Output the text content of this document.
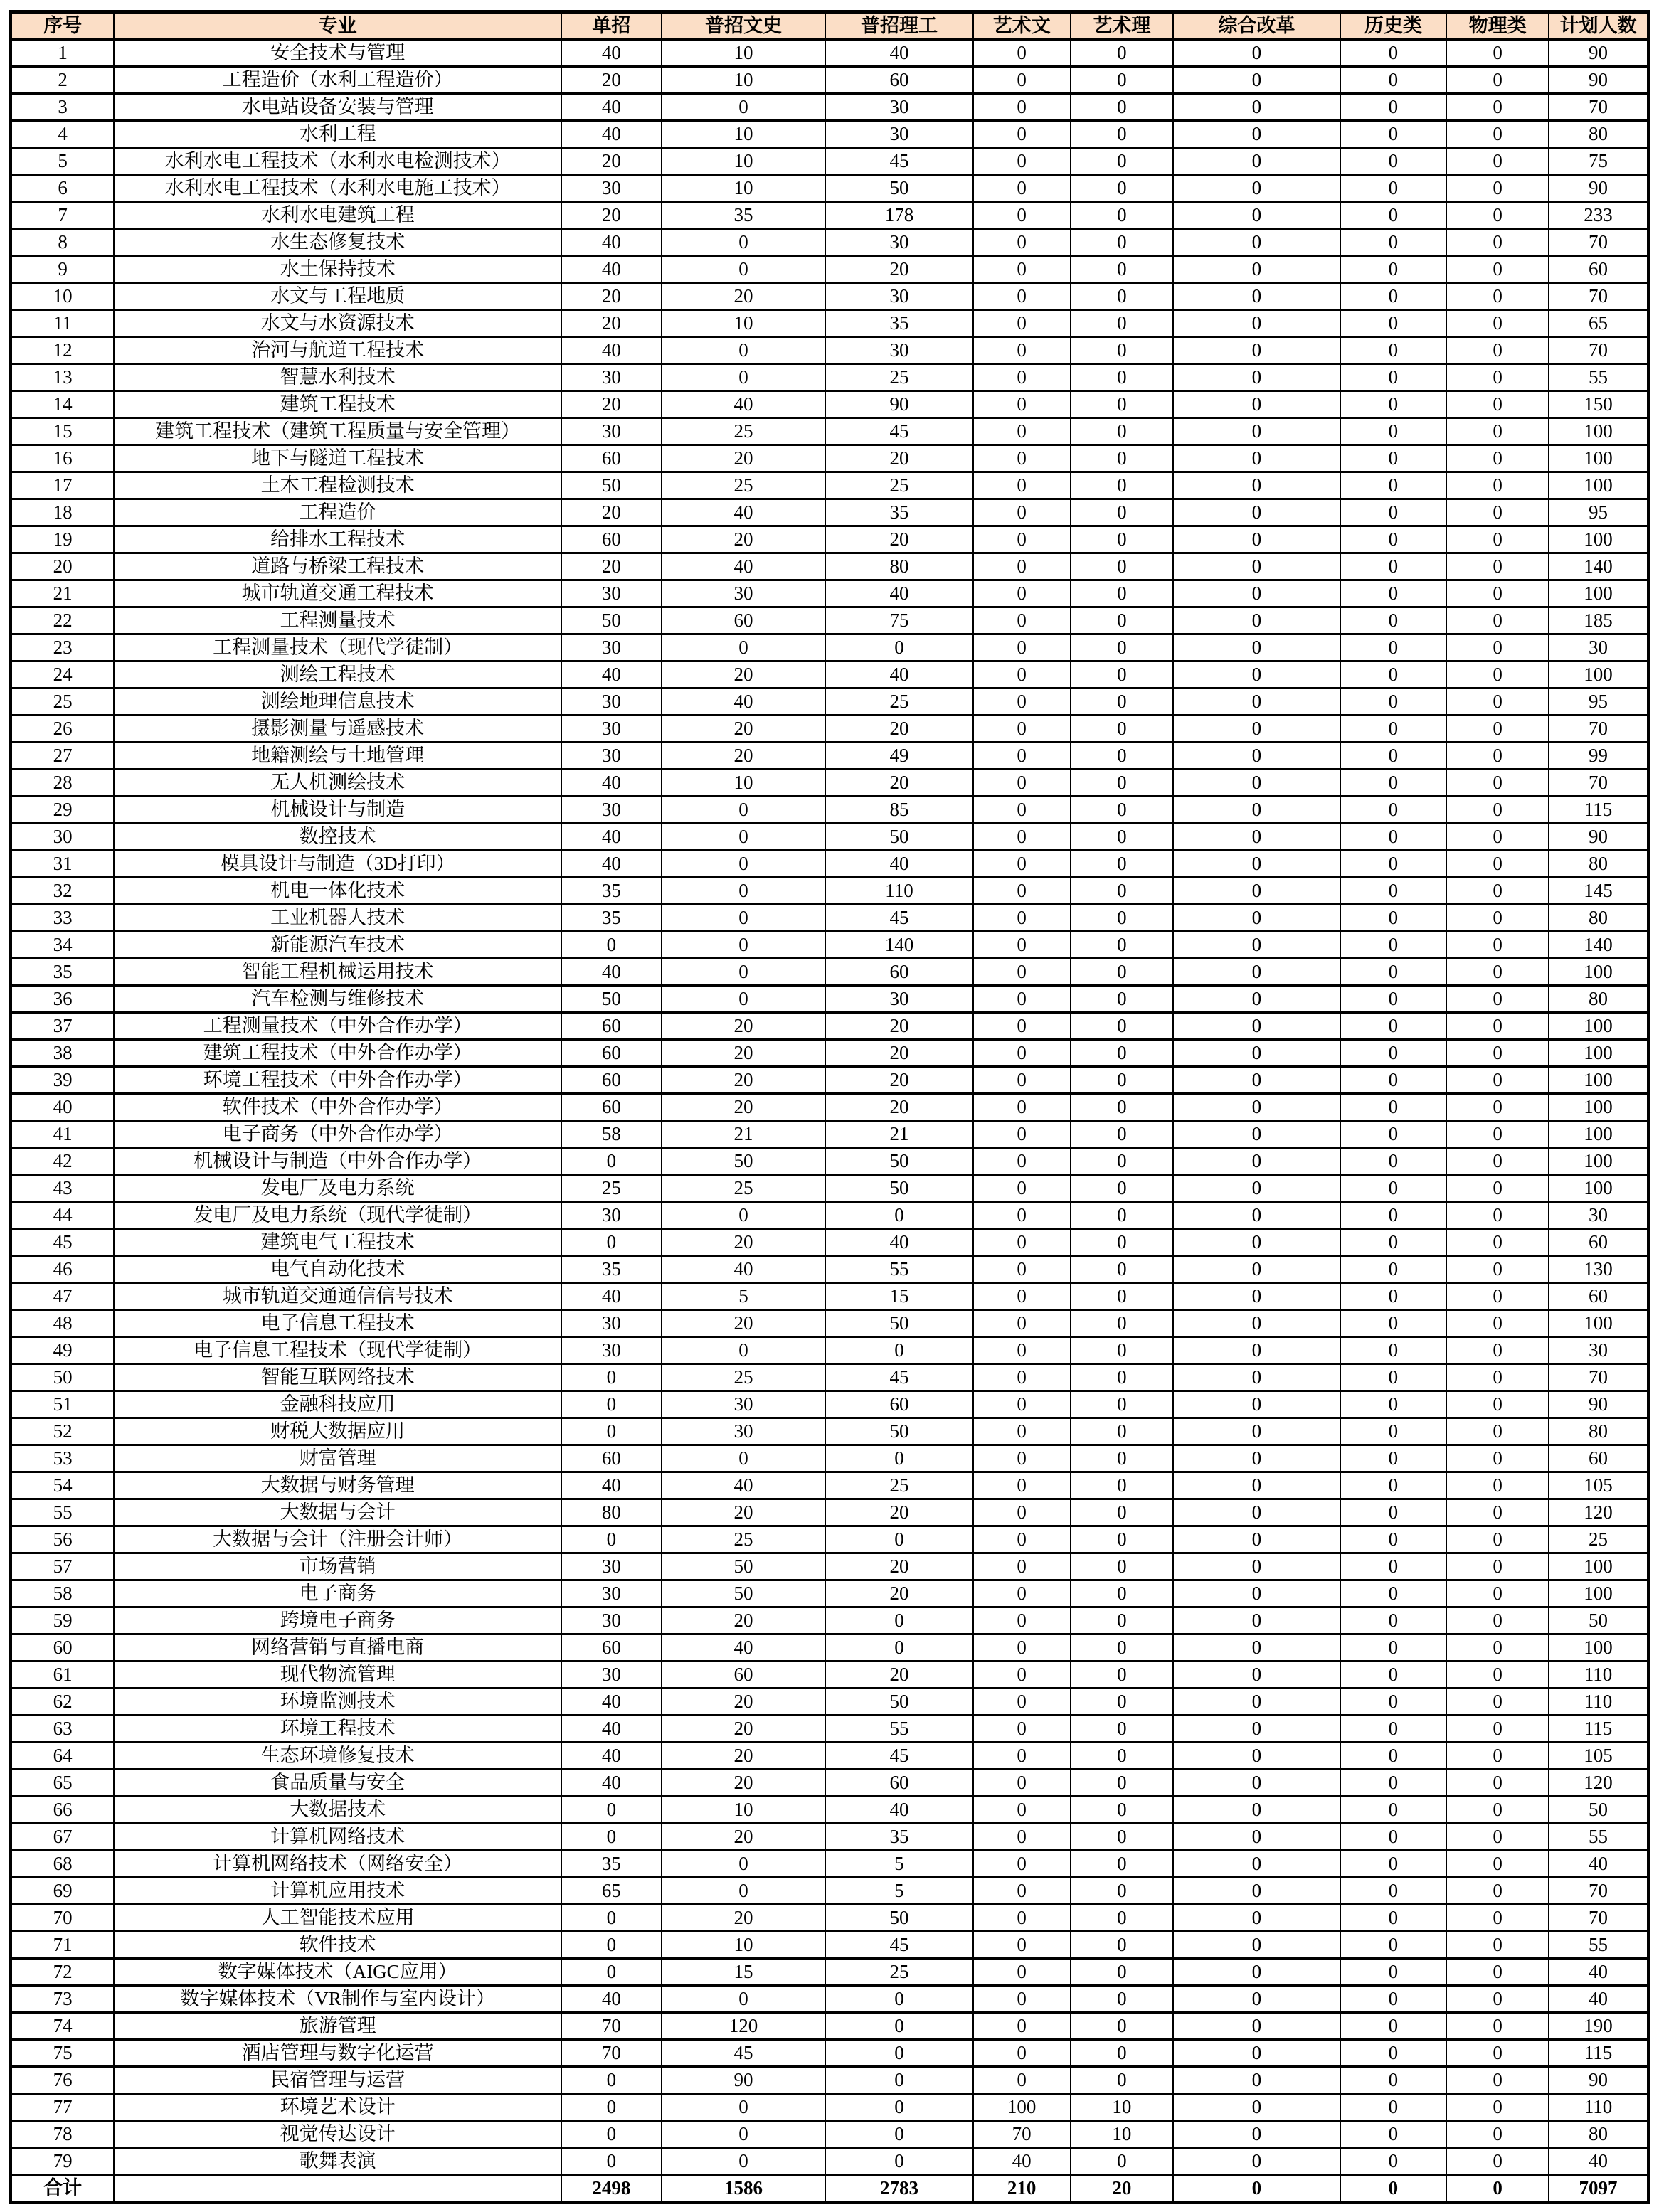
序号	专业	单招	普招文史	普招理工	艺术文	艺术理	综合改革	历史类	物理类	计划人数
1	安全技术与管理	40	10	40	0	0	0	0	0	90
2	工程造价（水利工程造价）	20	10	60	0	0	0	0	0	90
3	水电站设备安装与管理	40	0	30	0	0	0	0	0	70
4	水利工程	40	10	30	0	0	0	0	0	80
5	水利水电工程技术（水利水电检测技术）	20	10	45	0	0	0	0	0	75
6	水利水电工程技术（水利水电施工技术）	30	10	50	0	0	0	0	0	90
7	水利水电建筑工程	20	35	178	0	0	0	0	0	233
8	水生态修复技术	40	0	30	0	0	0	0	0	70
9	水土保持技术	40	0	20	0	0	0	0	0	60
10	水文与工程地质	20	20	30	0	0	0	0	0	70
11	水文与水资源技术	20	10	35	0	0	0	0	0	65
12	治河与航道工程技术	40	0	30	0	0	0	0	0	70
13	智慧水利技术	30	0	25	0	0	0	0	0	55
14	建筑工程技术	20	40	90	0	0	0	0	0	150
15	建筑工程技术（建筑工程质量与安全管理）	30	25	45	0	0	0	0	0	100
16	地下与隧道工程技术	60	20	20	0	0	0	0	0	100
17	土木工程检测技术	50	25	25	0	0	0	0	0	100
18	工程造价	20	40	35	0	0	0	0	0	95
19	给排水工程技术	60	20	20	0	0	0	0	0	100
20	道路与桥梁工程技术	20	40	80	0	0	0	0	0	140
21	城市轨道交通工程技术	30	30	40	0	0	0	0	0	100
22	工程测量技术	50	60	75	0	0	0	0	0	185
23	工程测量技术（现代学徒制）	30	0	0	0	0	0	0	0	30
24	测绘工程技术	40	20	40	0	0	0	0	0	100
25	测绘地理信息技术	30	40	25	0	0	0	0	0	95
26	摄影测量与遥感技术	30	20	20	0	0	0	0	0	70
27	地籍测绘与土地管理	30	20	49	0	0	0	0	0	99
28	无人机测绘技术	40	10	20	0	0	0	0	0	70
29	机械设计与制造	30	0	85	0	0	0	0	0	115
30	数控技术	40	0	50	0	0	0	0	0	90
31	模具设计与制造（3D打印）	40	0	40	0	0	0	0	0	80
32	机电一体化技术	35	0	110	0	0	0	0	0	145
33	工业机器人技术	35	0	45	0	0	0	0	0	80
34	新能源汽车技术	0	0	140	0	0	0	0	0	140
35	智能工程机械运用技术	40	0	60	0	0	0	0	0	100
36	汽车检测与维修技术	50	0	30	0	0	0	0	0	80
37	工程测量技术（中外合作办学）	60	20	20	0	0	0	0	0	100
38	建筑工程技术（中外合作办学）	60	20	20	0	0	0	0	0	100
39	环境工程技术（中外合作办学）	60	20	20	0	0	0	0	0	100
40	软件技术（中外合作办学）	60	20	20	0	0	0	0	0	100
41	电子商务（中外合作办学）	58	21	21	0	0	0	0	0	100
42	机械设计与制造（中外合作办学）	0	50	50	0	0	0	0	0	100
43	发电厂及电力系统	25	25	50	0	0	0	0	0	100
44	发电厂及电力系统（现代学徒制）	30	0	0	0	0	0	0	0	30
45	建筑电气工程技术	0	20	40	0	0	0	0	0	60
46	电气自动化技术	35	40	55	0	0	0	0	0	130
47	城市轨道交通通信信号技术	40	5	15	0	0	0	0	0	60
48	电子信息工程技术	30	20	50	0	0	0	0	0	100
49	电子信息工程技术（现代学徒制）	30	0	0	0	0	0	0	0	30
50	智能互联网络技术	0	25	45	0	0	0	0	0	70
51	金融科技应用	0	30	60	0	0	0	0	0	90
52	财税大数据应用	0	30	50	0	0	0	0	0	80
53	财富管理	60	0	0	0	0	0	0	0	60
54	大数据与财务管理	40	40	25	0	0	0	0	0	105
55	大数据与会计	80	20	20	0	0	0	0	0	120
56	大数据与会计（注册会计师）	0	25	0	0	0	0	0	0	25
57	市场营销	30	50	20	0	0	0	0	0	100
58	电子商务	30	50	20	0	0	0	0	0	100
59	跨境电子商务	30	20	0	0	0	0	0	0	50
60	网络营销与直播电商	60	40	0	0	0	0	0	0	100
61	现代物流管理	30	60	20	0	0	0	0	0	110
62	环境监测技术	40	20	50	0	0	0	0	0	110
63	环境工程技术	40	20	55	0	0	0	0	0	115
64	生态环境修复技术	40	20	45	0	0	0	0	0	105
65	食品质量与安全	40	20	60	0	0	0	0	0	120
66	大数据技术	0	10	40	0	0	0	0	0	50
67	计算机网络技术	0	20	35	0	0	0	0	0	55
68	计算机网络技术（网络安全）	35	0	5	0	0	0	0	0	40
69	计算机应用技术	65	0	5	0	0	0	0	0	70
70	人工智能技术应用	0	20	50	0	0	0	0	0	70
71	软件技术	0	10	45	0	0	0	0	0	55
72	数字媒体技术（AIGC应用）	0	15	25	0	0	0	0	0	40
73	数字媒体技术（VR制作与室内设计）	40	0	0	0	0	0	0	0	40
74	旅游管理	70	120	0	0	0	0	0	0	190
75	酒店管理与数字化运营	70	45	0	0	0	0	0	0	115
76	民宿管理与运营	0	90	0	0	0	0	0	0	90
77	环境艺术设计	0	0	0	100	10	0	0	0	110
78	视觉传达设计	0	0	0	70	10	0	0	0	80
79	歌舞表演	0	0	0	40	0	0	0	0	40
合计		2498	1586	2783	210	20	0	0	0	7097
